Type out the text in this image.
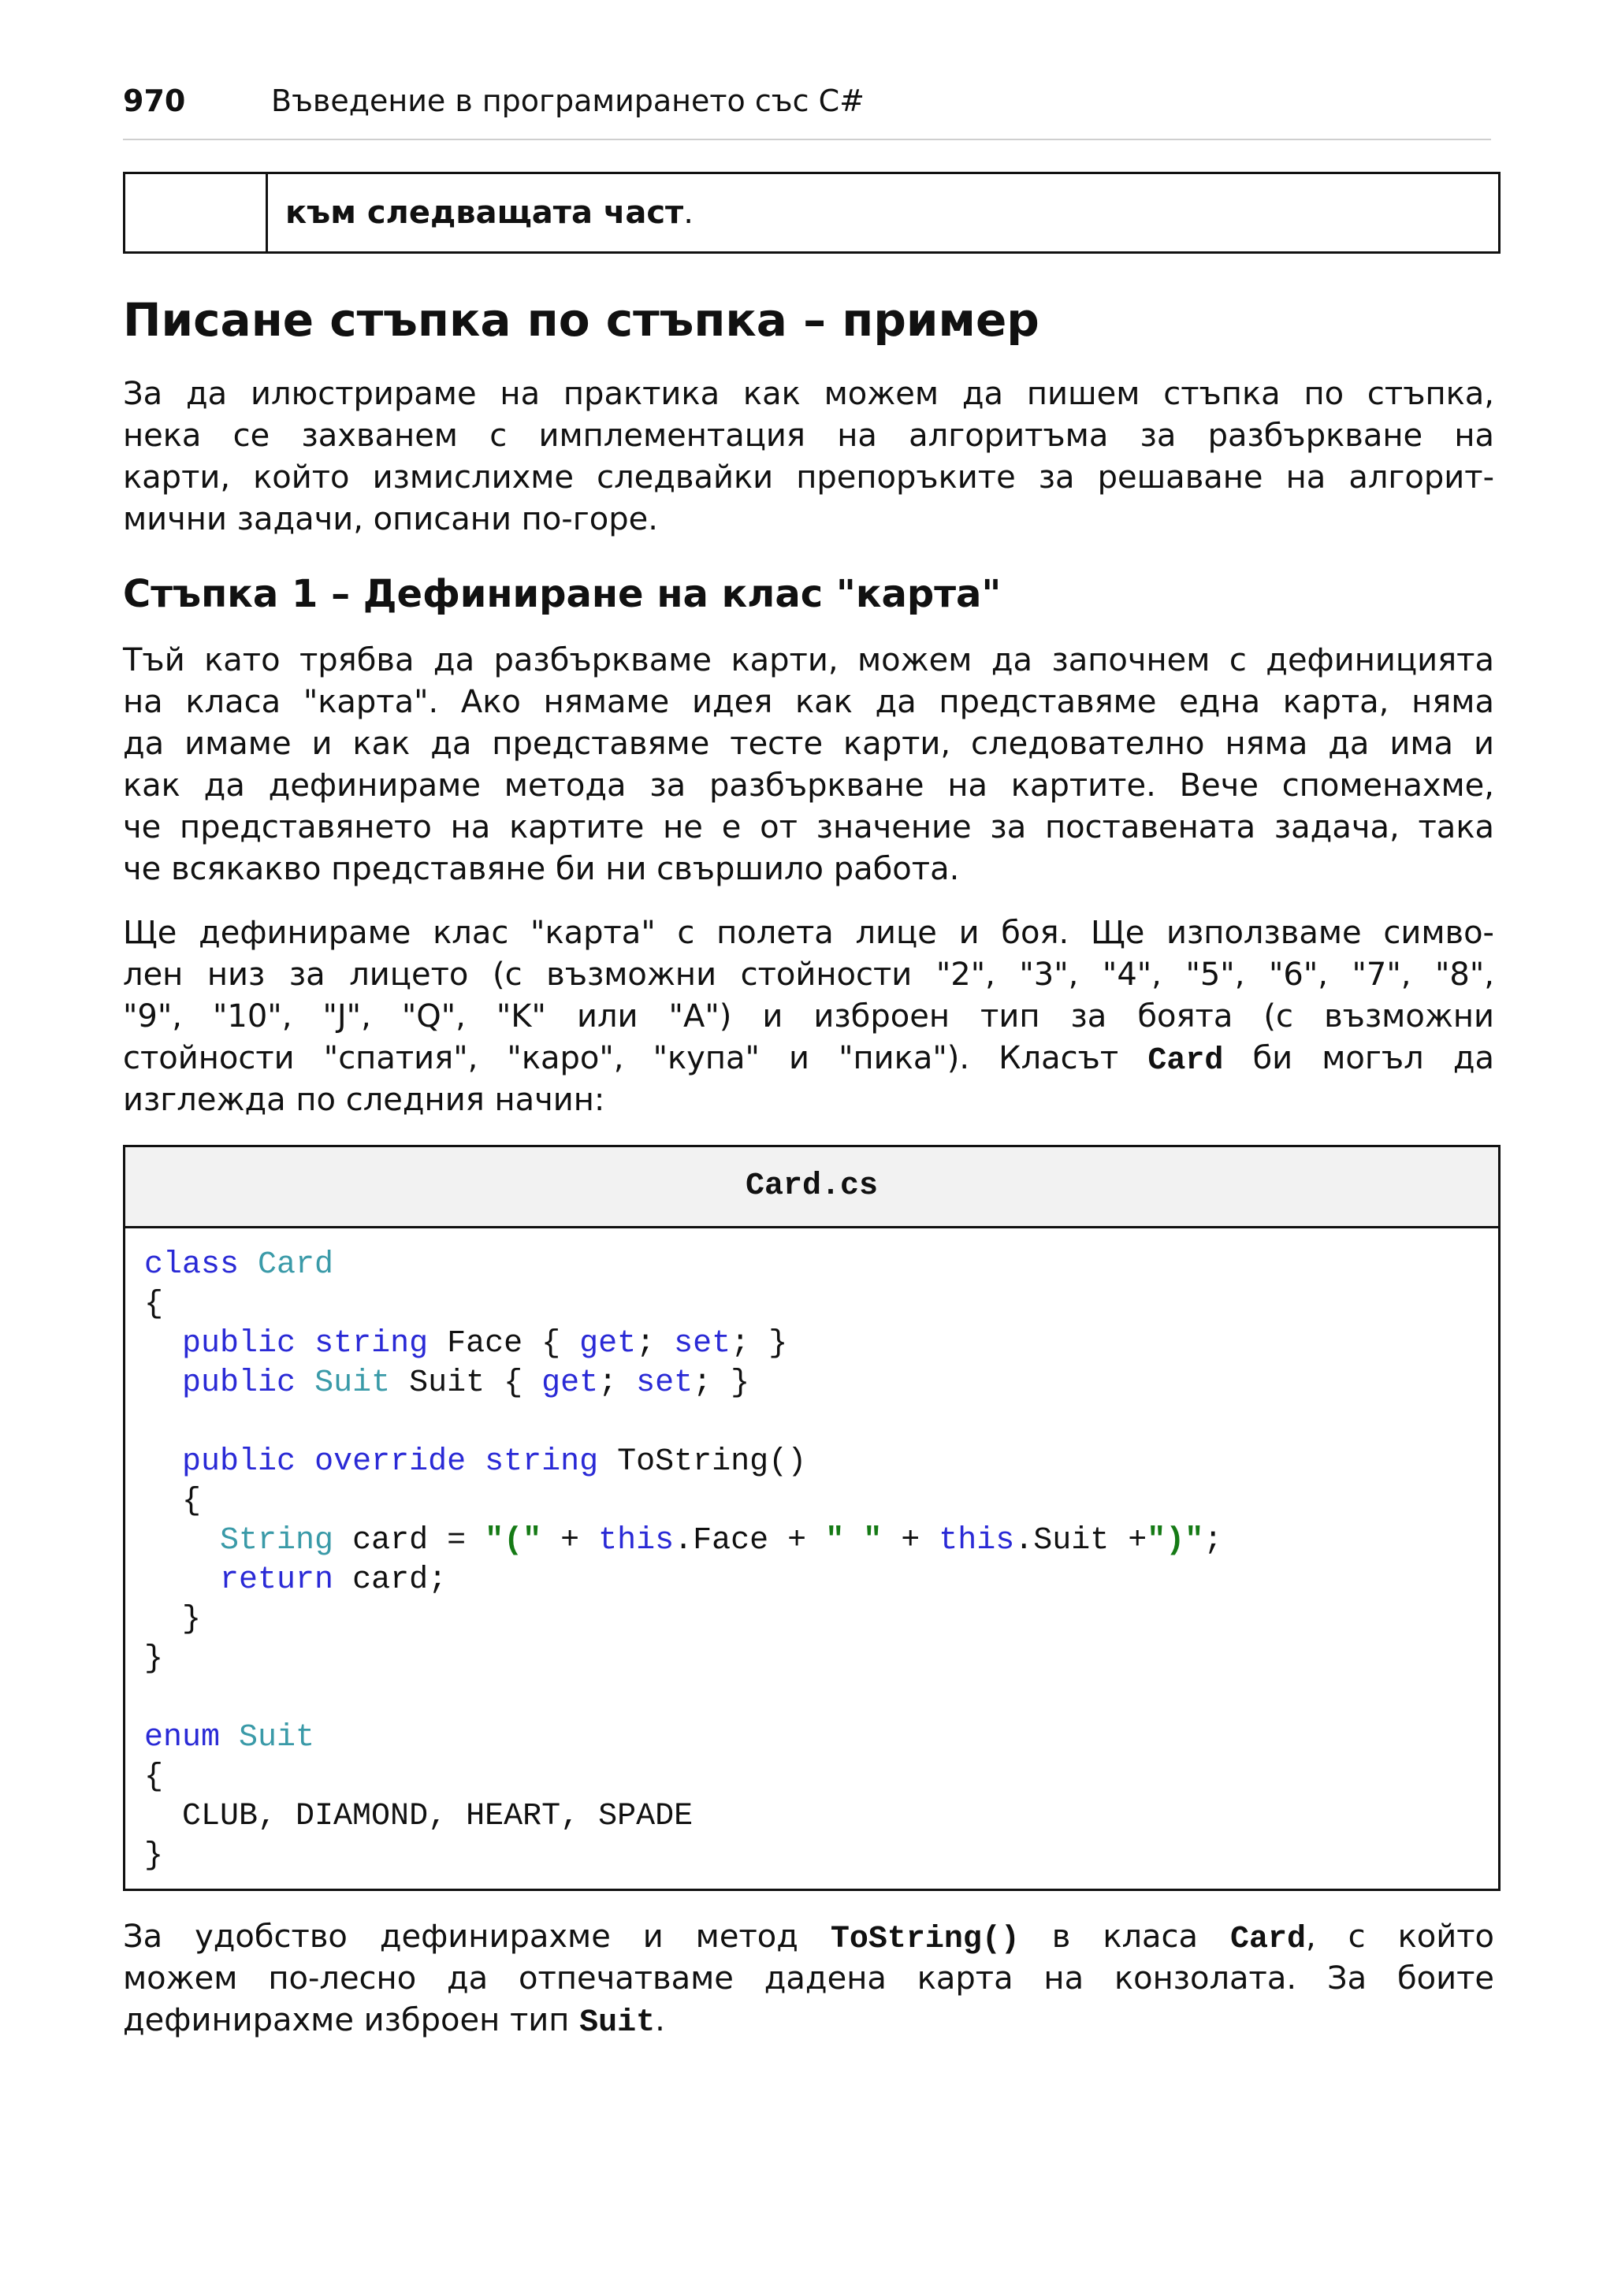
970	Въведение в програмирането със C#
към следващата част.
Писане стъпка по стъпка – пример
За да илюстрираме на практика как можем да пишем стъпка по стъпка,
нека се захванем с имплементация на алгоритъма за разбъркване на
карти, който измислихме следвайки препоръките за решаване на алгорит-
мични задачи, описани по-горе.
Стъпка 1 – Дефиниране на клас "карта"
Тъй като трябва да разбъркваме карти, можем да започнем с дефиницията
на класа "карта". Ако нямаме идея как да представяме една карта, няма
да имаме и как да представяме тесте карти, следователно няма да има и
как да дефинираме метода за разбъркване на картите. Вече споменахме,
че представянето на картите не е от значение за поставената задача, така
че всякакво представяне би ни свършило работа.
Ще дефинираме клас "карта" с полета лице и боя. Ще използваме симво-
лен низ за лицето (с възможни стойности "2", "3", "4", "5", "6", "7", "8",
"9", "10", "J", "Q", "K" или "A") и изброен тип за боята (с възможни
стойности "спатия", "каро", "купа" и "пика"). Класът Card би могъл да
изглежда по следния начин:
Card.cs
class Card
{
public string Face { get; set; }
public Suit Suit { get; set; }

public override string ToString()
{
String card = "(" + this.Face + " " + this.Suit +")";
return card;
}
}

enum Suit
{
CLUB, DIAMOND, HEART, SPADE
}
За удобство дефинирахме и метод ToString() в класа Card, с който
можем по-лесно да отпечатваме дадена карта на конзолата. За боите
дефинирахме изброен тип Suit.
